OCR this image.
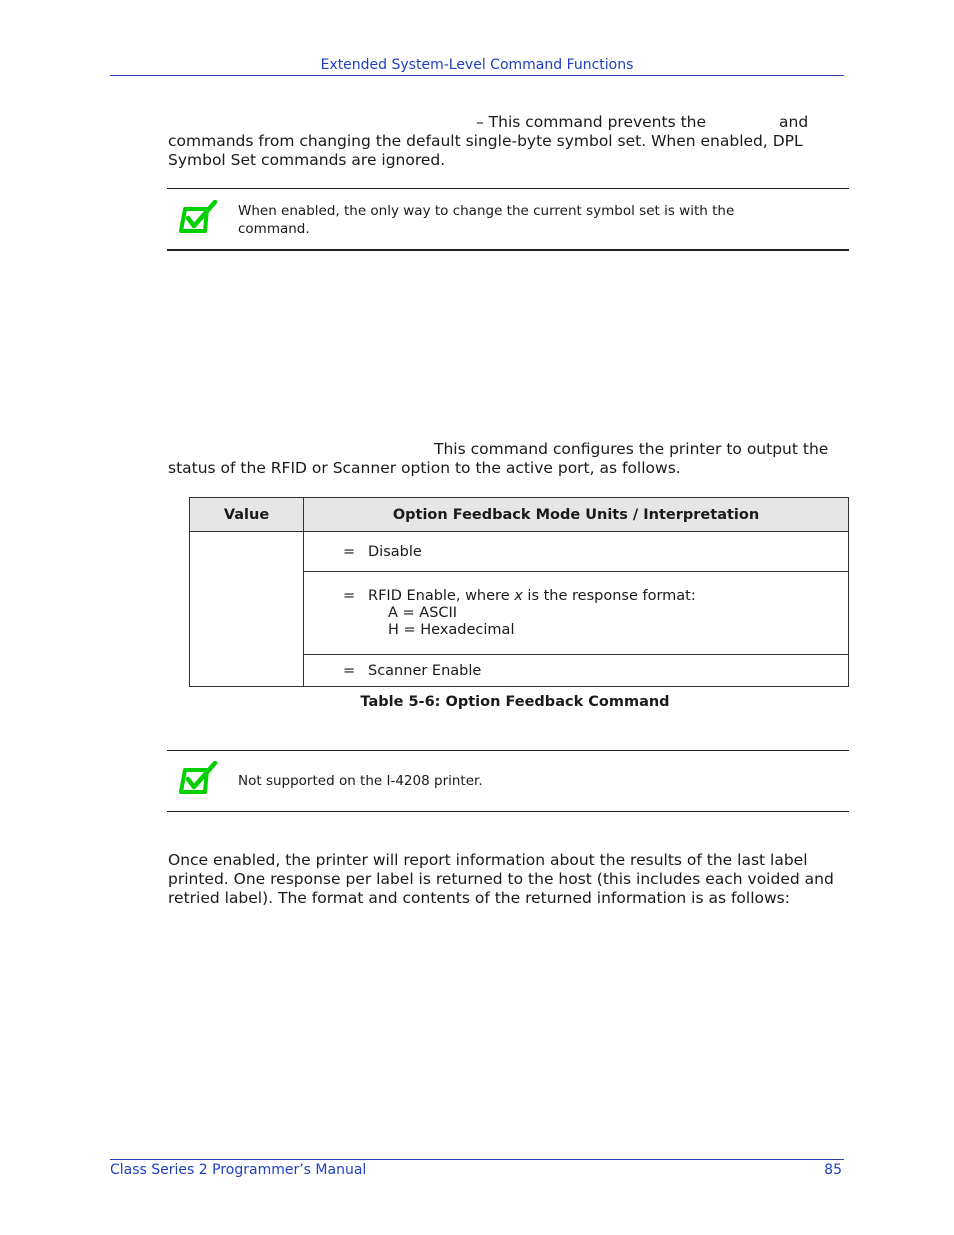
Extended System-Level Command Functions
– This command prevents the	and
commands from changing the default single-byte symbol set. When enabled, DPL
Symbol Set commands are ignored.
When enabled, the only way to change the current symbol set is with the
command.
This command configures the printer to output the
status of the RFID or Scanner option to the active port, as follows.
Value	Option Feedback Mode Units / Interpretation
	= Disable
	= RFID Enable, where x is the response format:
A = ASCII
H = Hexadecimal

	= Scanner Enable
Table 5-6: Option Feedback Command
Not supported on the I-4208 printer.
Once enabled, the printer will report information about the results of the last label
printed. One response per label is returned to the host (this includes each voided and
retried label). The format and contents of the returned information is as follows:
Class Series 2 Programmer’s Manual	85
